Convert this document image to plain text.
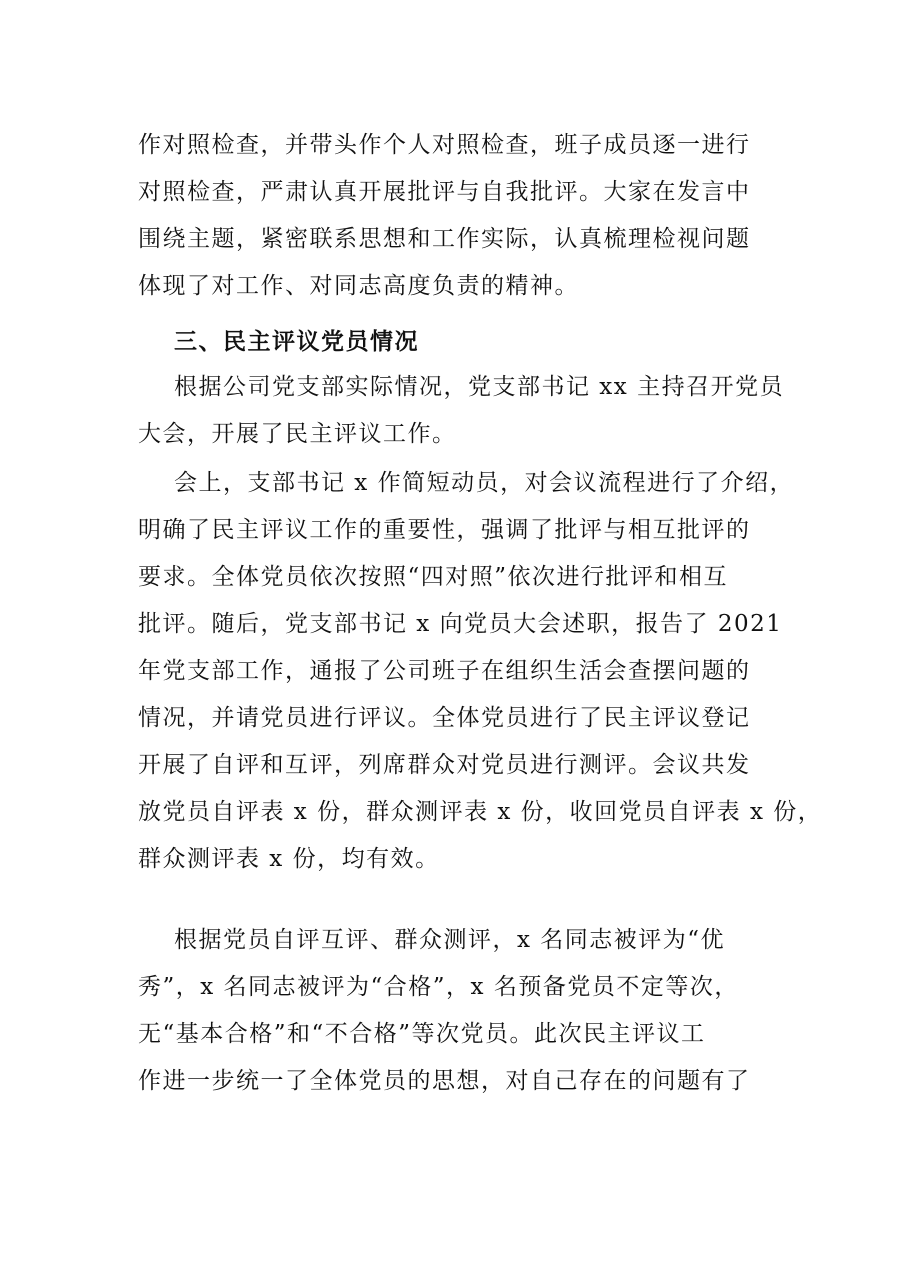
作对照检查，并带头作个人对照检查，班子成员逐一进行
对照检查，严肃认真开展批评与自我批评。大家在发言中
围绕主题，紧密联系思想和工作实际，认真梳理检视问题
体现了对工作、对同志高度负责的精神。
三、民主评议党员情况
根据公司党支部实际情况，党支部书记 xx 主持召开党员
大会，开展了民主评议工作。
会上，支部书记 x 作简短动员，对会议流程进行了介绍，
明确了民主评议工作的重要性，强调了批评与相互批评的
要求。全体党员依次按照“四对照”依次进行批评和相互
批评。随后，党支部书记 x 向党员大会述职，报告了 2021
年党支部工作，通报了公司班子在组织生活会查摆问题的
情况，并请党员进行评议。全体党员进行了民主评议登记
开展了自评和互评，列席群众对党员进行测评。会议共发
放党员自评表 x 份，群众测评表 x 份，收回党员自评表 x 份，
群众测评表 x 份，均有效。
根据党员自评互评、群众测评，x 名同志被评为“优
秀”，x 名同志被评为“合格”，x 名预备党员不定等次，
无“基本合格”和“不合格”等次党员。此次民主评议工
作进一步统一了全体党员的思想，对自己存在的问题有了
